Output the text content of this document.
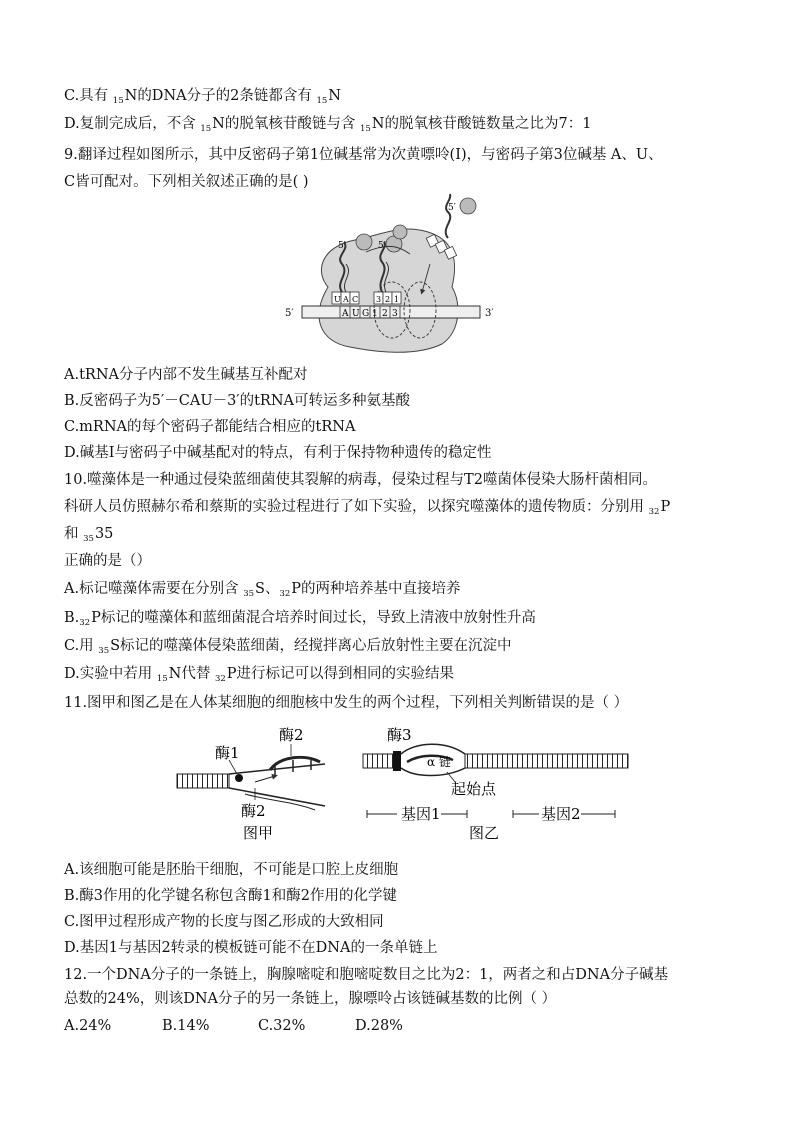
C.具有 $_{15}$N的DNA分子的2条链都含有 $_{15}$N
D.复制完成后，不含 $_{15}$N的脱氧核苷酸链与含 $_{15}$N的脱氧核苷酸链数量之比为7：1
9.翻译过程如图所示，其中反密码子第1位碱基常为次黄嘌呤(I)，与密码子第3位碱基 A、U、
C皆可配对。下列相关叙述正确的是( )
5′	3′
A U G 1 2 3
U A C
5′
3 2 1
5′
5′
A.tRNA分子内部不发生碱基互补配对
B.反密码子为5′－CAU－3′的tRNA可转运多种氨基酸
C.mRNA的每个密码子都能结合相应的tRNA
D.碱基I与密码子中碱基配对的特点，有利于保持物种遗传的稳定性
10.噬藻体是一种通过侵染蓝细菌使其裂解的病毒，侵染过程与T2噬菌体侵染大肠杆菌相同。
科研人员仿照赫尔希和蔡斯的实验过程进行了如下实验，以探究噬藻体的遗传物质：分别用 $_{32}$P
和 $_{35}$35
正确的是（）
A.标记噬藻体需要在分别含 $_{35}$S、$_{32}$P的两种培养基中直接培养
$B._{32}P$标记的噬藻体和蓝细菌混合培养时间过长，导致上清液中放射性升高
C.用 $_{35}$S标记的噬藻体侵染蓝细菌，经搅拌离心后放射性主要在沉淀中
D.实验中若用 $_{15}$N代替 $_{32}$P进行标记可以得到相同的实验结果
11.图甲和图乙是在人体某细胞的细胞核中发生的两个过程，下列相关判断错误的是（ ）
酶1
酶2
酶2
图甲
酶3
α 链
起始点
基因1	基因2
图乙
A.该细胞可能是胚胎干细胞，不可能是口腔上皮细胞
B.酶3作用的化学键名称包含酶1和酶2作用的化学键
C.图甲过程形成产物的长度与图乙形成的大致相同
D.基因1与基因2转录的模板链可能不在DNA的一条单链上
12.一个DNA分子的一条链上，胸腺嘧啶和胞嘧啶数目之比为2：1，两者之和占DNA分子碱基
总数的24%，则该DNA分子的另一条链上，腺嘌呤占该链碱基数的比例（ ）
A.24%	B.14%	C.32%	D.28%
